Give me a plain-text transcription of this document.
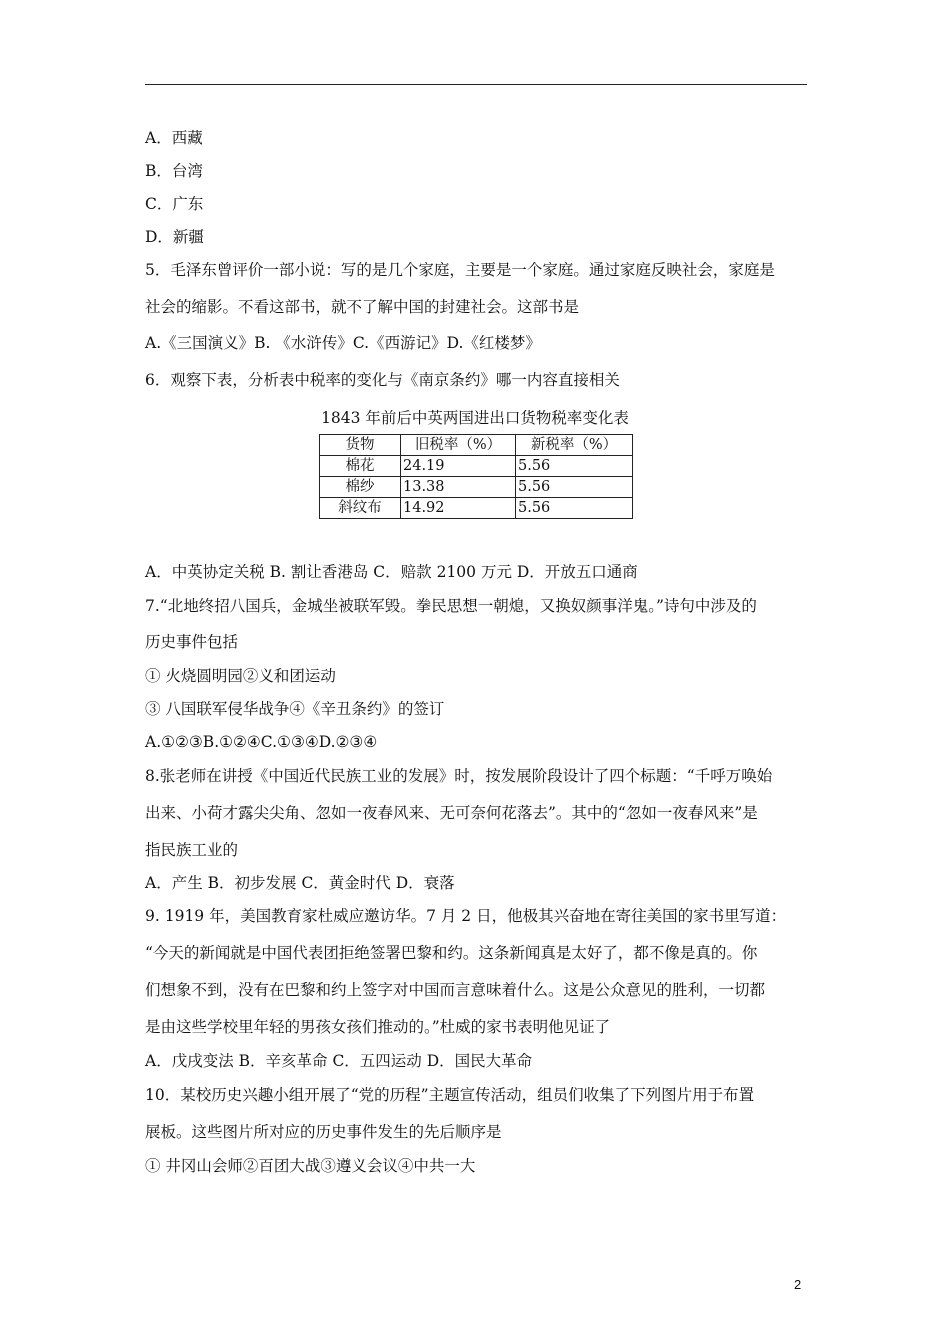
A．西藏
B．台湾
C．广东
D．新疆
5．毛泽东曾评价一部小说：写的是几个家庭，主要是一个家庭。通过家庭反映社会，家庭是
社会的缩影。不看这部书，就不了解中国的封建社会。这部书是
A.《三国演义》B. 《水浒传》C.《西游记》D.《红楼梦》
6．观察下表，分析表中税率的变化与《南京条约》哪一内容直接相关
1843 年前后中英两国进出口货物税率变化表
货物	旧税率（%）	新税率（%）
棉花	24.19	5.56
棉纱	13.38	5.56
斜纹布	14.92	5.56
A．中英协定关税 B. 割让香港岛 C．赔款 2100 万元 D．开放五口通商
7.“北地终招八国兵，金城坐被联军毁。拳民思想一朝熄，又换奴颜事洋鬼。”诗句中涉及的
历史事件包括
① 火烧圆明园②义和团运动
③ 八国联军侵华战争④《辛丑条约》的签订
A.①②③B.①②④C.①③④D.②③④
8.张老师在讲授《中国近代民族工业的发展》时，按发展阶段设计了四个标题：“千呼万唤始
出来、小荷才露尖尖角、忽如一夜春风来、无可奈何花落去”。其中的“忽如一夜春风来”是
指民族工业的
A．产生 B．初步发展 C．黄金时代 D．衰落
9. 1919 年，美国教育家杜威应邀访华。7 月 2 日，他极其兴奋地在寄往美国的家书里写道：
“今天的新闻就是中国代表团拒绝签署巴黎和约。这条新闻真是太好了，都不像是真的。你
们想象不到，没有在巴黎和约上签字对中国而言意味着什么。这是公众意见的胜利，一切都
是由这些学校里年轻的男孩女孩们推动的。”杜威的家书表明他见证了
A．戊戌变法 B．辛亥革命 C．五四运动 D．国民大革命
10．某校历史兴趣小组开展了“党的历程”主题宣传活动，组员们收集了下列图片用于布置
展板。这些图片所对应的历史事件发生的先后顺序是
① 井冈山会师②百团大战③遵义会议④中共一大
2
